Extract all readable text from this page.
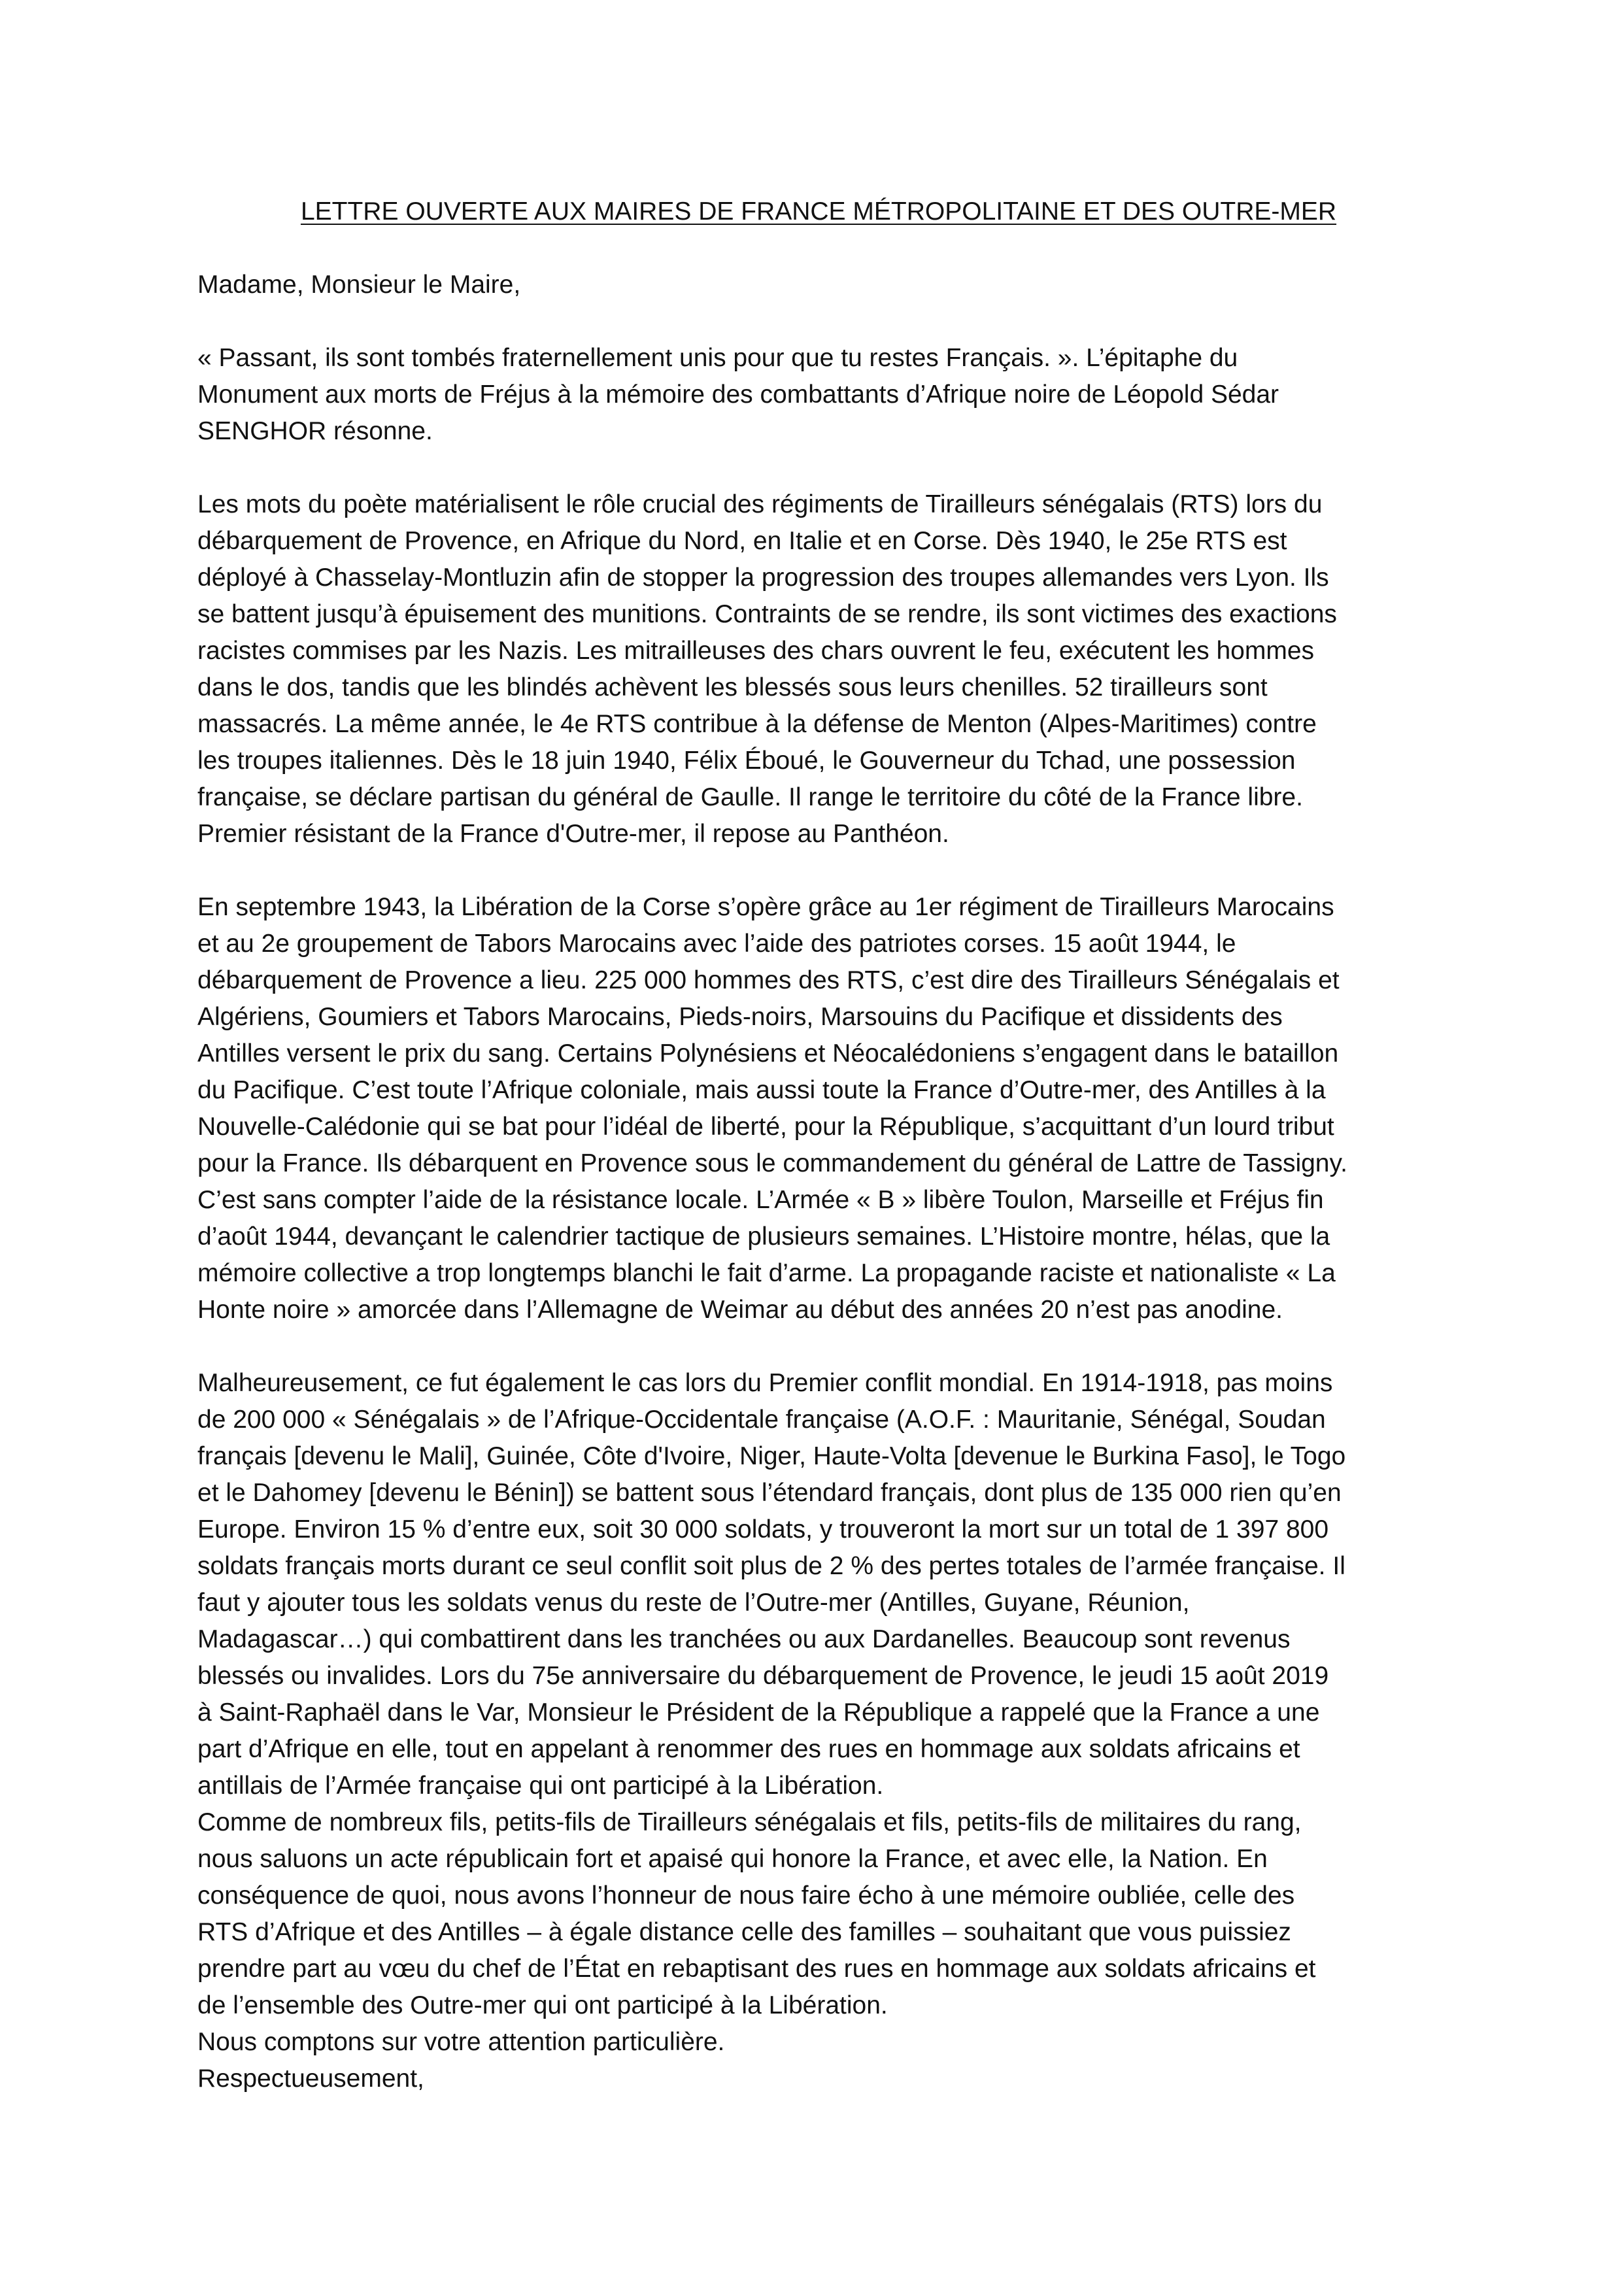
LETTRE OUVERTE AUX MAIRES DE FRANCE MÉTROPOLITAINE ET DES OUTRE-MER

Madame, Monsieur le Maire,

« Passant, ils sont tombés fraternellement unis pour que tu restes Français. ». L’épitaphe du
Monument aux morts de Fréjus à la mémoire des combattants d’Afrique noire de Léopold Sédar
SENGHOR résonne.

Les mots du poète matérialisent le rôle crucial des régiments de Tirailleurs sénégalais (RTS) lors du
débarquement de Provence, en Afrique du Nord, en Italie et en Corse. Dès 1940, le 25e RTS est
déployé à Chasselay-Montluzin afin de stopper la progression des troupes allemandes vers Lyon. Ils
se battent jusqu’à épuisement des munitions. Contraints de se rendre, ils sont victimes des exactions
racistes commises par les Nazis. Les mitrailleuses des chars ouvrent le feu, exécutent les hommes
dans le dos, tandis que les blindés achèvent les blessés sous leurs chenilles. 52 tirailleurs sont
massacrés. La même année, le 4e RTS contribue à la défense de Menton (Alpes-Maritimes) contre
les troupes italiennes. Dès le 18 juin 1940, Félix Éboué, le Gouverneur du Tchad, une possession
française, se déclare partisan du général de Gaulle. Il range le territoire du côté de la France libre.
Premier résistant de la France d'Outre-mer, il repose au Panthéon.

En septembre 1943, la Libération de la Corse s’opère grâce au 1er régiment de Tirailleurs Marocains
et au 2e groupement de Tabors Marocains avec l’aide des patriotes corses. 15 août 1944, le
débarquement de Provence a lieu. 225 000 hommes des RTS, c’est dire des Tirailleurs Sénégalais et
Algériens, Goumiers et Tabors Marocains, Pieds-noirs, Marsouins du Pacifique et dissidents des
Antilles versent le prix du sang. Certains Polynésiens et Néocalédoniens s’engagent dans le bataillon
du Pacifique. C’est toute l’Afrique coloniale, mais aussi toute la France d’Outre-mer, des Antilles à la
Nouvelle-Calédonie qui se bat pour l’idéal de liberté, pour la République, s’acquittant d’un lourd tribut
pour la France. Ils débarquent en Provence sous le commandement du général de Lattre de Tassigny.
C’est sans compter l’aide de la résistance locale. L’Armée « B » libère Toulon, Marseille et Fréjus fin
d’août 1944, devançant le calendrier tactique de plusieurs semaines. L’Histoire montre, hélas, que la
mémoire collective a trop longtemps blanchi le fait d’arme. La propagande raciste et nationaliste « La
Honte noire » amorcée dans l’Allemagne de Weimar au début des années 20 n’est pas anodine.

Malheureusement, ce fut également le cas lors du Premier conflit mondial. En 1914-1918, pas moins
de 200 000 « Sénégalais » de l’Afrique-Occidentale française (A.O.F. : Mauritanie, Sénégal, Soudan
français [devenu le Mali], Guinée, Côte d'Ivoire, Niger, Haute-Volta [devenue le Burkina Faso], le Togo
et le Dahomey [devenu le Bénin]) se battent sous l’étendard français, dont plus de 135 000 rien qu’en
Europe. Environ 15 % d’entre eux, soit 30 000 soldats, y trouveront la mort sur un total de 1 397 800
soldats français morts durant ce seul conflit soit plus de 2 % des pertes totales de l’armée française. Il
faut y ajouter tous les soldats venus du reste de l’Outre-mer (Antilles, Guyane, Réunion,
Madagascar…) qui combattirent dans les tranchées ou aux Dardanelles. Beaucoup sont revenus
blessés ou invalides. Lors du 75e anniversaire du débarquement de Provence, le jeudi 15 août 2019
à Saint-Raphaël dans le Var, Monsieur le Président de la République a rappelé que la France a une
part d’Afrique en elle, tout en appelant à renommer des rues en hommage aux soldats africains et
antillais de l’Armée française qui ont participé à la Libération.
Comme de nombreux fils, petits-fils de Tirailleurs sénégalais et fils, petits-fils de militaires du rang,
nous saluons un acte républicain fort et apaisé qui honore la France, et avec elle, la Nation. En
conséquence de quoi, nous avons l’honneur de nous faire écho à une mémoire oubliée, celle des
RTS d’Afrique et des Antilles – à égale distance celle des familles – souhaitant que vous puissiez
prendre part au vœu du chef de l’État en rebaptisant des rues en hommage aux soldats africains et
de l’ensemble des Outre-mer qui ont participé à la Libération.
Nous comptons sur votre attention particulière.
Respectueusement,
